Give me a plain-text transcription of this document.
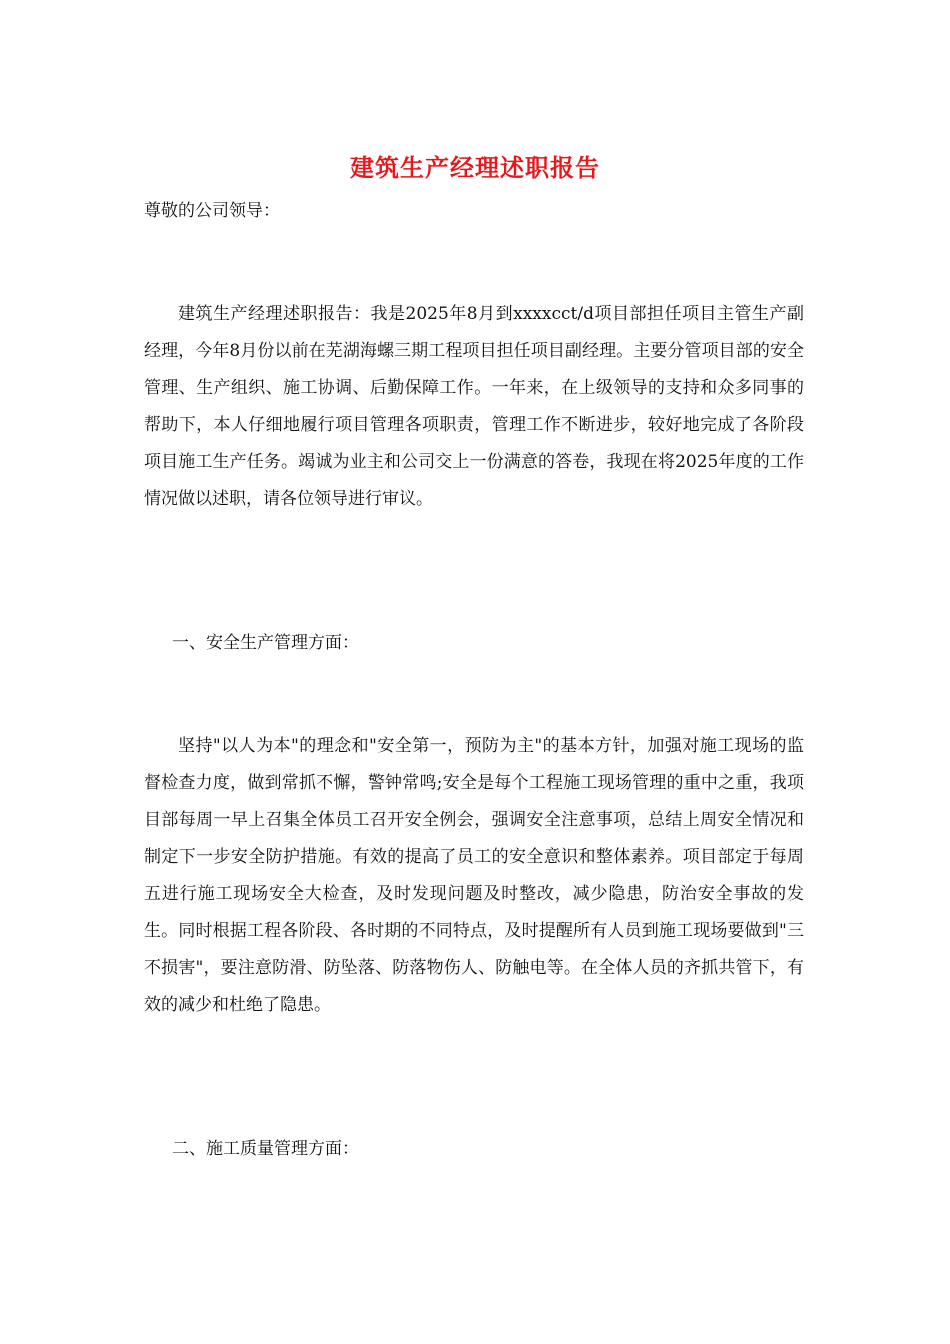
建筑生产经理述职报告
尊敬的公司领导：

建筑生产经理述职报告：我是2025年8月到xxxxcct/d项目部担任项目主管生产副经理，今年8月份以前在芜湖海螺三期工程项目担任项目副经理。主要分管项目部的安全管理、生产组织、施工协调、后勤保障工作。一年来，在上级领导的支持和众多同事的帮助下，本人仔细地履行项目管理各项职责，管理工作不断进步，较好地完成了各阶段项目施工生产任务。竭诚为业主和公司交上一份满意的答卷，我现在将2025年度的工作情况做以述职，请各位领导进行审议。

一、安全生产管理方面：

坚持"以人为本"的理念和"安全第一，预防为主"的基本方针，加强对施工现场的监督检查力度，做到常抓不懈，警钟常鸣;安全是每个工程施工现场管理的重中之重，我项目部每周一早上召集全体员工召开安全例会，强调安全注意事项，总结上周安全情况和制定下一步安全防护措施。有效的提高了员工的安全意识和整体素养。项目部定于每周五进行施工现场安全大检查，及时发现问题及时整改，减少隐患，防治安全事故的发生。同时根据工程各阶段、各时期的不同特点，及时提醒所有人员到施工现场要做到"三不损害"，要注意防滑、防坠落、防落物伤人、防触电等。在全体人员的齐抓共管下，有效的减少和杜绝了隐患。

二、施工质量管理方面：
